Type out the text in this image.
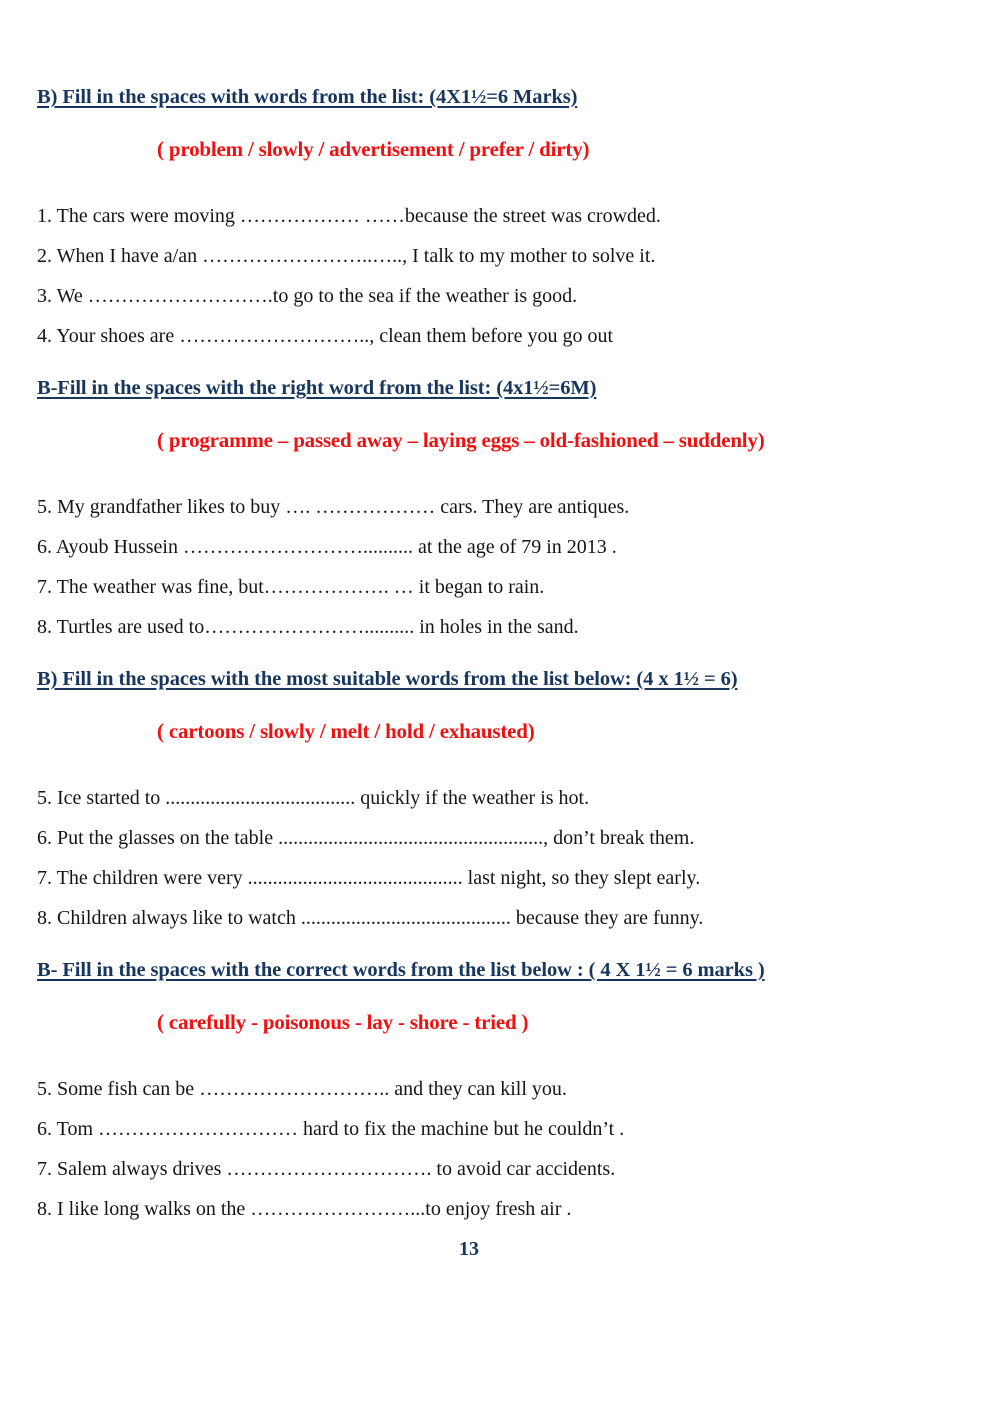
B) Fill in the spaces with words from the list: (4X1½=6 Marks)

( problem / slowly / advertisement / prefer / dirty)

1. The cars were moving ……………… ……because the street was crowded.

2. When I have a/an ……………………..….., I talk to my mother to solve it.

3. We ……………………….to go to the sea if the weather is good.

4. Your shoes are ……………………….., clean them before you go out

B-Fill in the spaces with the right word from the list: (4x1½=6M)

( programme – passed away – laying eggs – old-fashioned – suddenly)

5. My grandfather likes to buy …. ……………… cars. They are antiques.

6. Ayoub Hussein ……………………….......... at the age of 79 in 2013 .

7. The weather was fine, but………………. … it began to rain.

8. Turtles are used to…………………….......... in holes in the sand.

B) Fill in the spaces with the most suitable words from the list below: (4 x 1½ = 6)

( cartoons / slowly / melt / hold / exhausted)

5. Ice started to ...................................... quickly if the weather is hot.

6. Put the glasses on the table ....................................................., don’t break them.

7. The children were very ........................................... last night, so they slept early.

8. Children always like to watch .......................................... because they are funny.

B- Fill in the spaces with the correct words from the list below : ( 4 X 1½ = 6 marks )

( carefully - poisonous - lay - shore - tried )

5. Some fish can be ……………………….. and they can kill you.

6. Tom ………………………… hard to fix the machine but he couldn’t .

7. Salem always drives …………………………. to avoid car accidents.

8. I like long walks on the ……………………...to enjoy fresh air .

13
